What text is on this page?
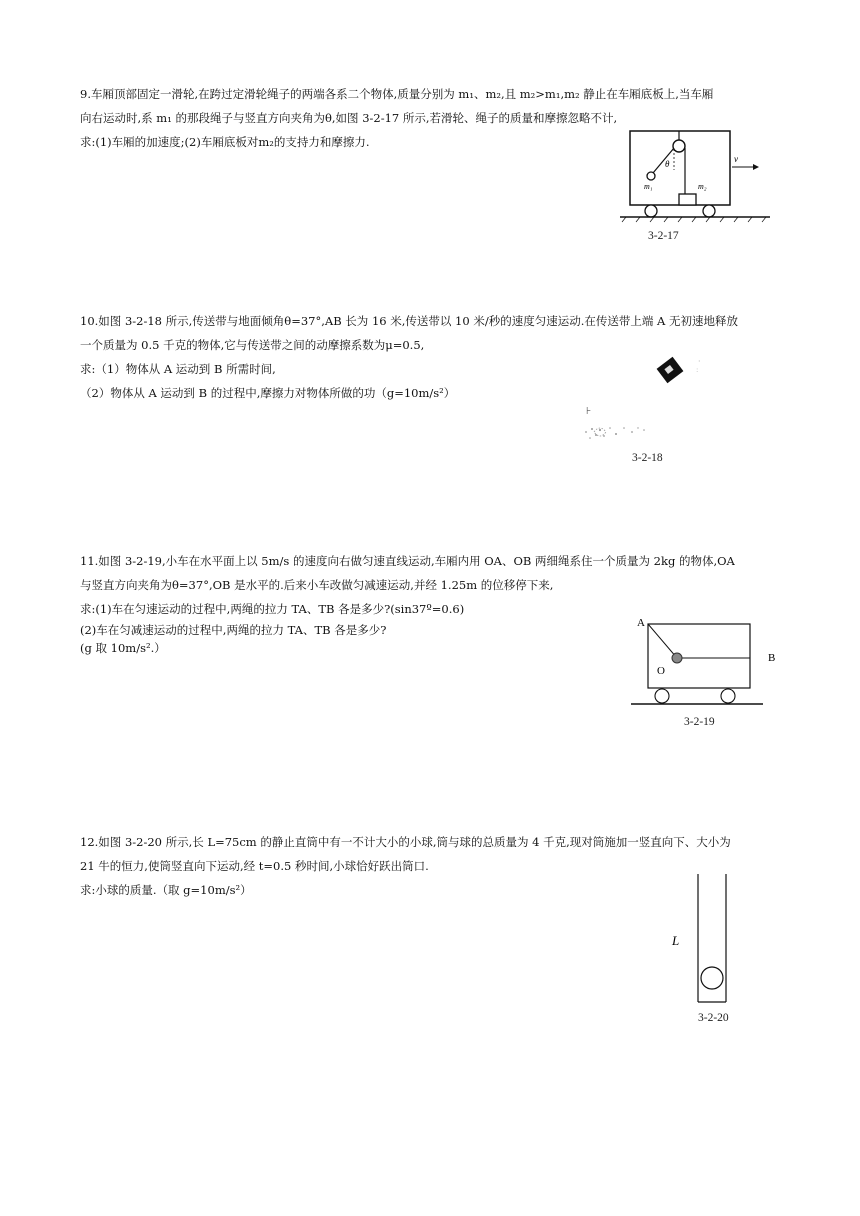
9.车厢顶部固定一滑轮,在跨过定滑轮绳子的两端各系二个物体,质量分别为 m₁、m₂,且 m₂>m₁,m₂ 静止在车厢底板上,当车厢

向右运动时,系 m₁ 的那段绳子与竖直方向夹角为θ,如图 3-2-17 所示,若滑轮、绳子的质量和摩擦忽略不计,

求:(1)车厢的加速度;(2)车厢底板对m₂的支持力和摩擦力.

θ
m₁	m₂
v
3-2-17

10.如图 3-2-18 所示,传送带与地面倾角θ=37°,AB 长为 16 米,传送带以 10 米/秒的速度匀速运动.在传送带上端 A 无初速地释放

一个质量为 0.5 千克的物体,它与传送带之间的动摩擦系数为μ=0.5,

求:（1）物体从 A 运动到 B 所需时间,

（2）物体从 A 运动到 B 的过程中,摩擦力对物体所做的功（g=10m/s²）

·
:
⊦
3-2-18

11.如图 3-2-19,小车在水平面上以 5m/s 的速度向右做匀速直线运动,车厢内用 OA、OB 两细绳系住一个质量为 2kg 的物体,OA

与竖直方向夹角为θ=37°,OB 是水平的.后来小车改做匀减速运动,并经 1.25m 的位移停下来,

求:(1)车在匀速运动的过程中,两绳的拉力 TA、TB 各是多少?(sin37º=0.6)

(2)车在匀减速运动的过程中,两绳的拉力 TA、TB 各是多少?

(g 取 10m/s².）

A
B
O
3-2-19

12.如图 3-2-20 所示,长 L=75cm 的静止直筒中有一不计大小的小球,筒与球的总质量为 4 千克,现对筒施加一竖直向下、大小为

21 牛的恒力,使筒竖直向下运动,经 t=0.5 秒时间,小球恰好跃出筒口.

求:小球的质量.（取 g=10m/s²）

L
3-2-20
